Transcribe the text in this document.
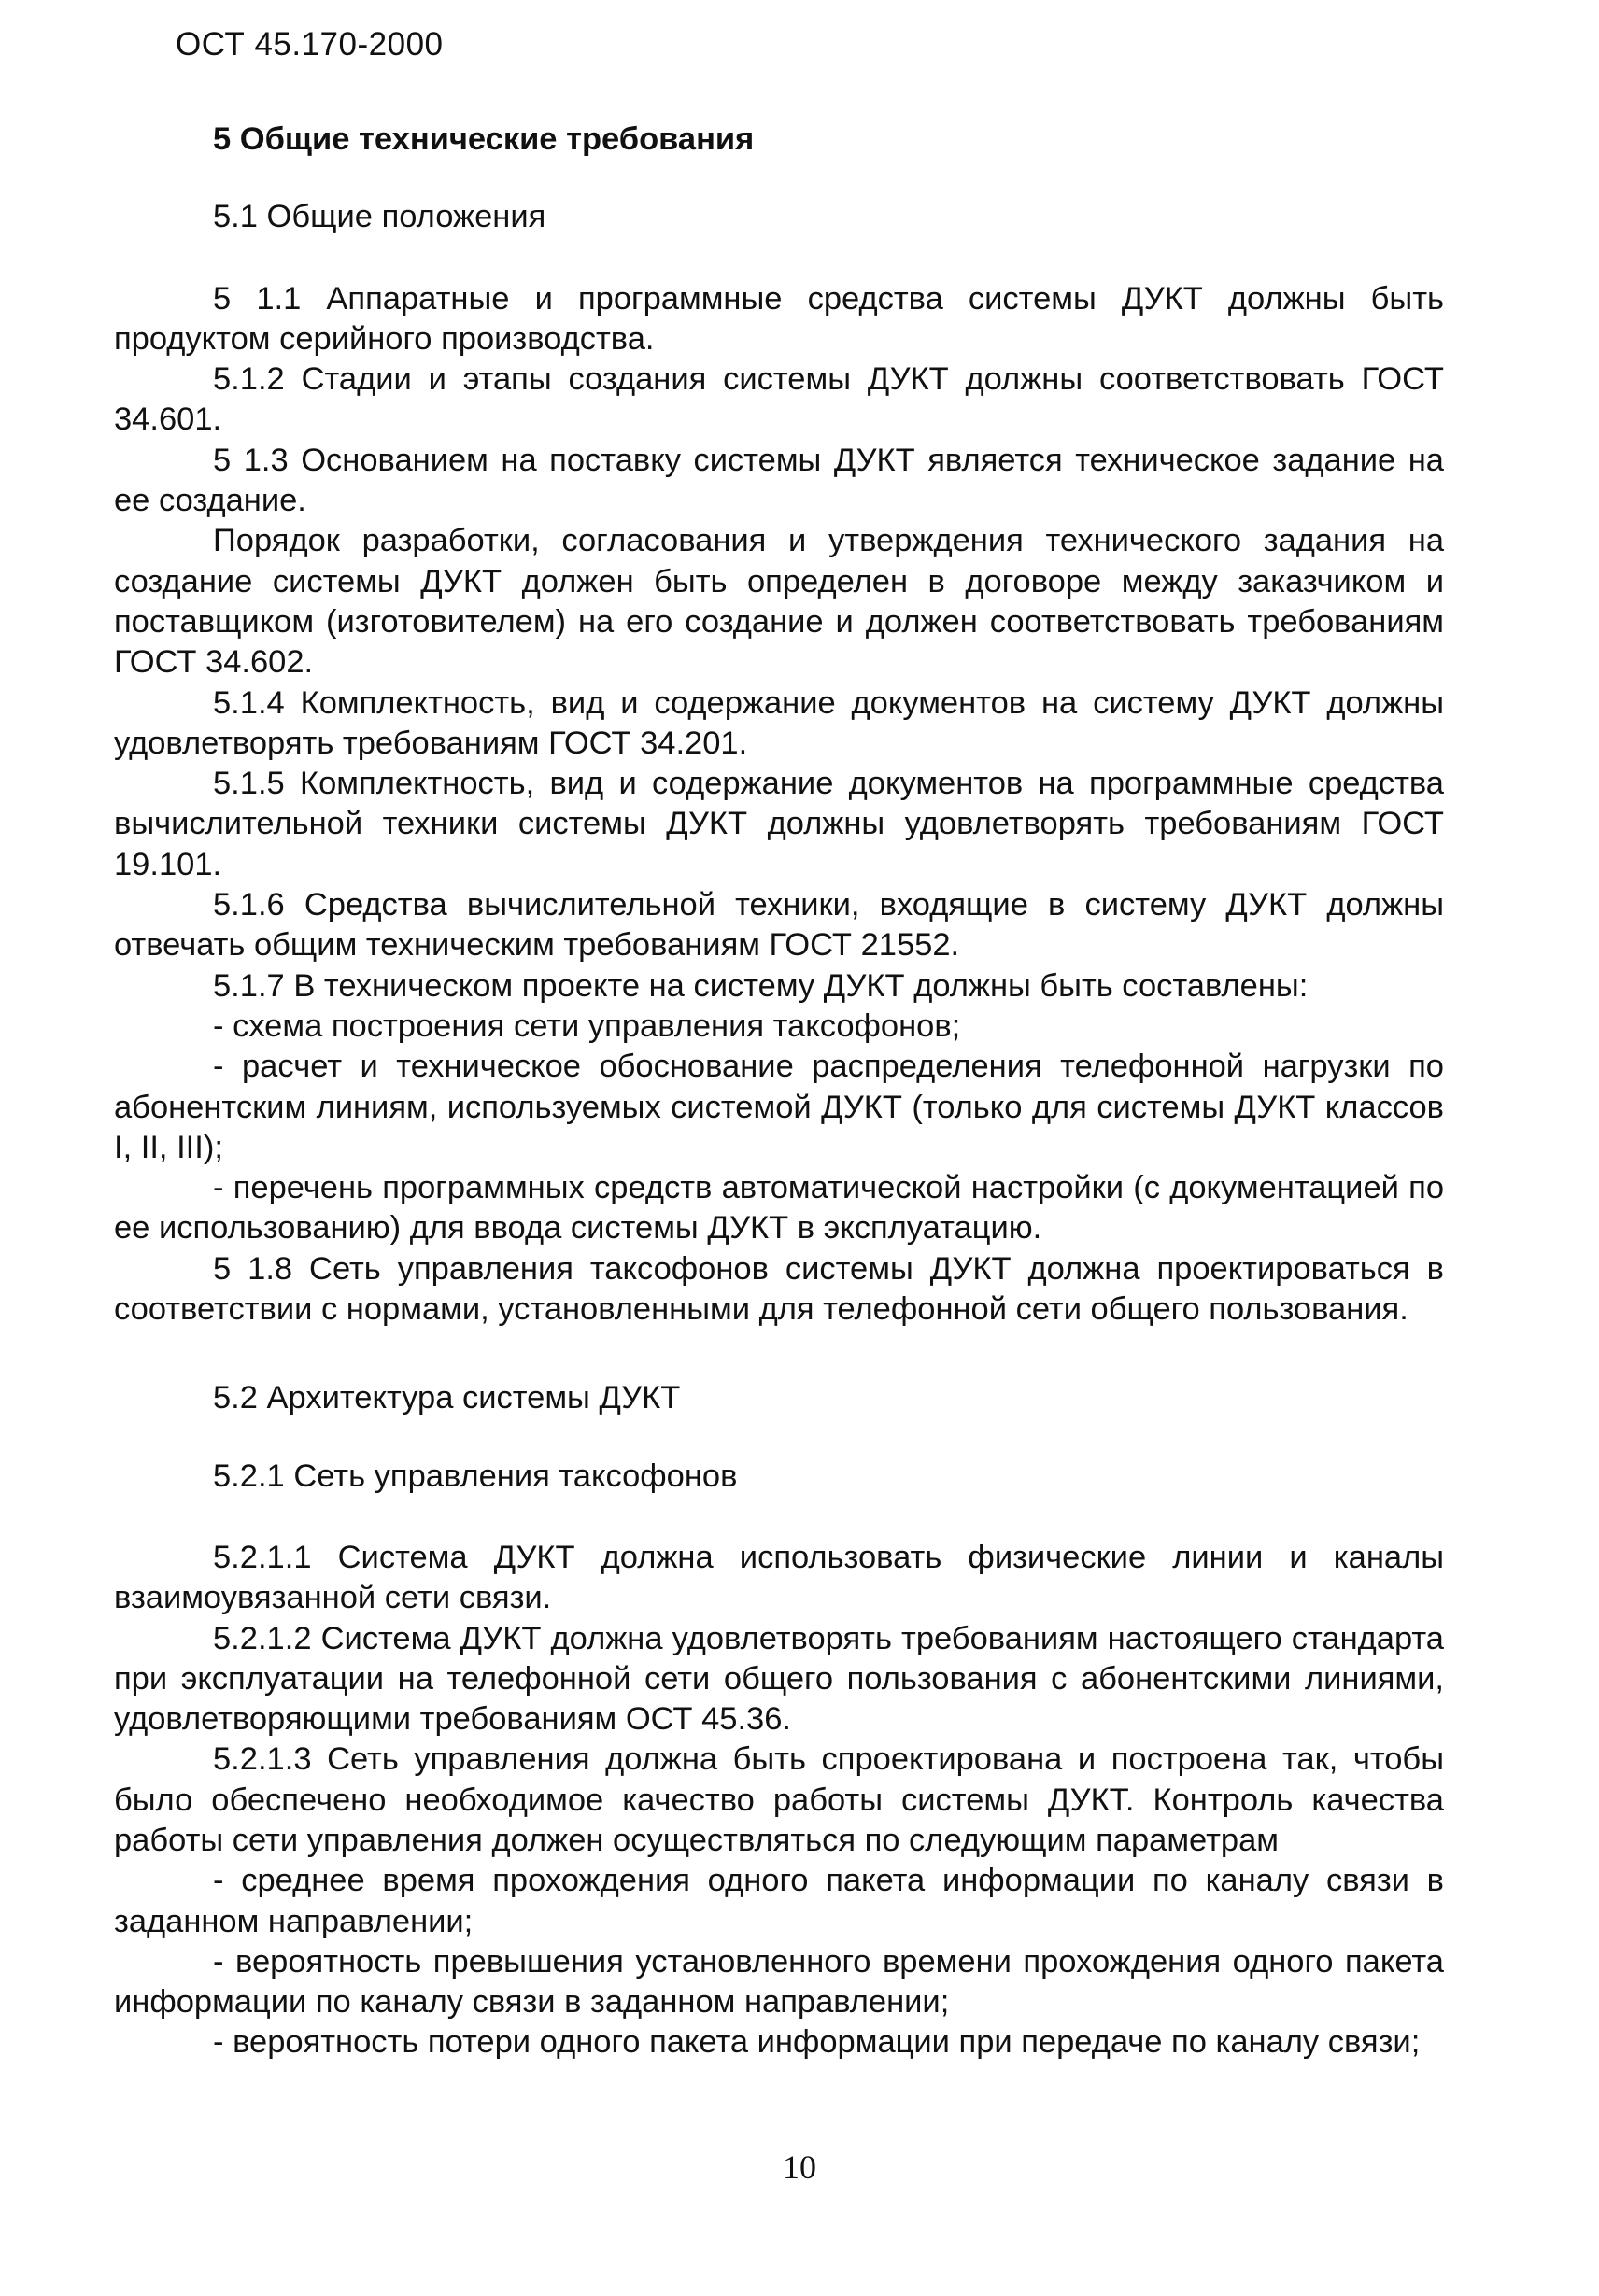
ОСТ 45.170-2000

5 Общие технические требования

5.1 Общие положения

5 1.1 Аппаратные и программные средства системы ДУКТ должны быть продуктом серийного производства.

5.1.2 Стадии и этапы создания системы ДУКТ должны соответствовать ГОСТ 34.601.

5 1.3 Основанием на поставку системы ДУКТ является техническое задание на ее создание.

Порядок разработки, согласования и утверждения технического задания на создание системы ДУКТ должен быть определен в договоре между заказчиком и поставщиком (изготовителем) на его создание и должен соответствовать требованиям ГОСТ 34.602.

5.1.4 Комплектность, вид и содержание документов на систему ДУКТ должны удовлетворять требованиям ГОСТ 34.201.

5.1.5 Комплектность, вид и содержание документов на программные средства вычислительной техники системы ДУКТ должны удовлетворять требованиям ГОСТ 19.101.

5.1.6 Средства вычислительной техники, входящие в систему ДУКТ должны отвечать общим техническим требованиям ГОСТ 21552.

5.1.7 В техническом проекте на систему ДУКТ должны быть составлены:

- схема построения сети управления таксофонов;

- расчет и техническое обоснование распределения телефонной нагрузки по абонентским линиям, используемых системой ДУКТ (только для системы ДУКТ классов I, II, III);

- перечень программных средств автоматической настройки (с документацией по ее использованию) для ввода системы ДУКТ в эксплуатацию.

5 1.8 Сеть управления таксофонов системы ДУКТ должна проектироваться в соответствии с нормами, установленными для телефонной сети общего пользования.

5.2 Архитектура системы ДУКТ

5.2.1 Сеть управления таксофонов

5.2.1.1 Система ДУКТ должна использовать физические линии и каналы взаимоувязанной сети связи.

5.2.1.2 Система ДУКТ должна удовлетворять требованиям настоящего стандарта при эксплуатации на телефонной сети общего пользования с абонентскими линиями, удовлетворяющими требованиям ОСТ 45.36.

5.2.1.3 Сеть управления должна быть спроектирована и построена так, чтобы было обеспечено необходимое качество работы системы ДУКТ. Контроль качества работы сети управления должен осуществляться по следующим параметрам

- среднее время прохождения одного пакета информации по каналу связи в заданном направлении;

- вероятность превышения установленного времени прохождения одного пакета информации по каналу связи в заданном направлении;

- вероятность потери одного пакета информации при передаче по каналу связи;

10
